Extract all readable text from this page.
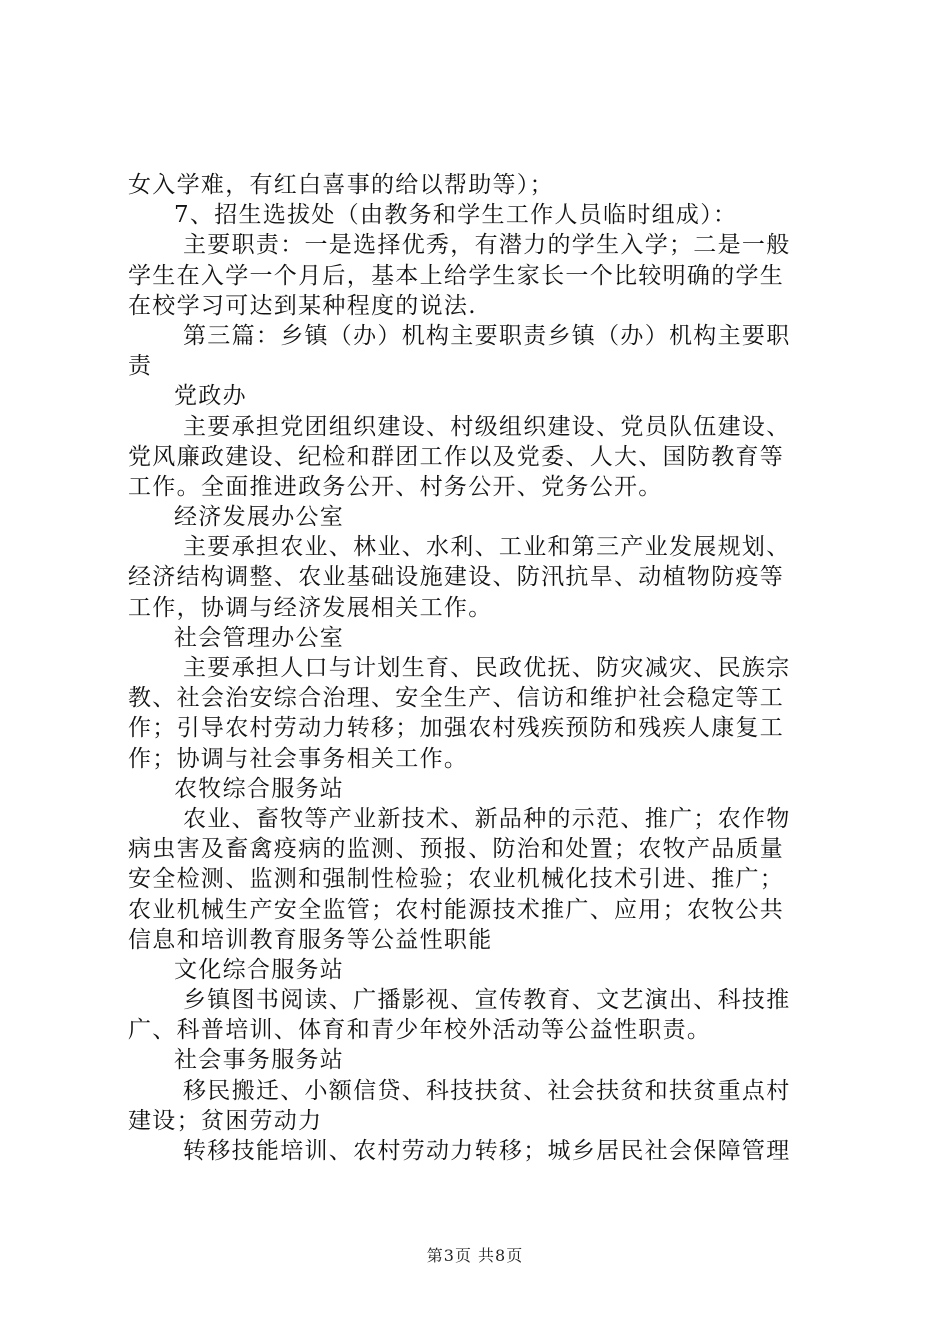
女入学难，有红白喜事的给以帮助等）；
7、招生选拔处（由教务和学生工作人员临时组成）：
主要职责：一是选择优秀，有潜力的学生入学；二是一般
学生在入学一个月后，基本上给学生家长一个比较明确的学生
在校学习可达到某种程度的说法.
第三篇：乡镇（办）机构主要职责乡镇（办）机构主要职
责
党政办
主要承担党团组织建设、村级组织建设、党员队伍建设、
党风廉政建设、纪检和群团工作以及党委、人大、国防教育等
工作。全面推进政务公开、村务公开、党务公开。
经济发展办公室
主要承担农业、林业、水利、工业和第三产业发展规划、
经济结构调整、农业基础设施建设、防汛抗旱、动植物防疫等
工作，协调与经济发展相关工作。
社会管理办公室
主要承担人口与计划生育、民政优抚、防灾减灾、民族宗
教、社会治安综合治理、安全生产、信访和维护社会稳定等工
作；引导农村劳动力转移；加强农村残疾预防和残疾人康复工
作；协调与社会事务相关工作。
农牧综合服务站
农业、畜牧等产业新技术、新品种的示范、推广；农作物
病虫害及畜禽疫病的监测、预报、防治和处置；农牧产品质量
安全检测、监测和强制性检验；农业机械化技术引进、推广；
农业机械生产安全监管；农村能源技术推广、应用；农牧公共
信息和培训教育服务等公益性职能
文化综合服务站
乡镇图书阅读、广播影视、宣传教育、文艺演出、科技推
广、科普培训、体育和青少年校外活动等公益性职责。
社会事务服务站
移民搬迁、小额信贷、科技扶贫、社会扶贫和扶贫重点村
建设；贫困劳动力
转移技能培训、农村劳动力转移；城乡居民社会保障管理
第3页 共8页
